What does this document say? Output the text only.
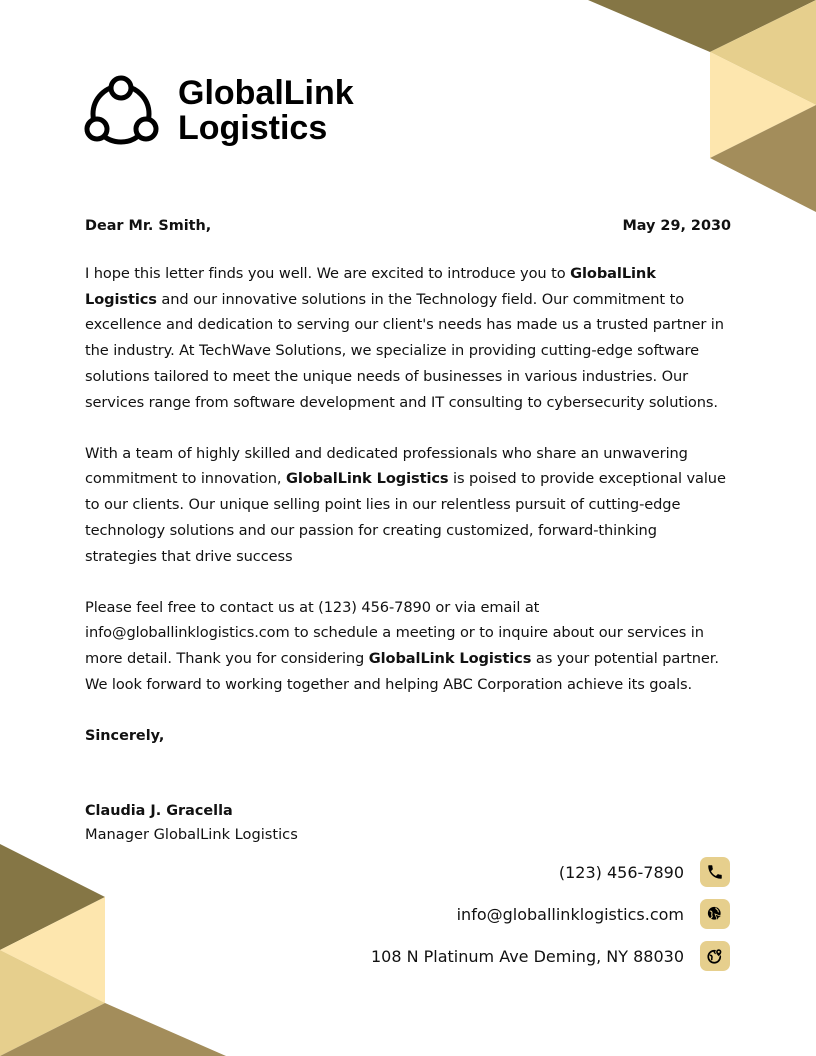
GlobalLink
Logistics
Dear Mr. Smith,	May 29, 2030

I hope this letter finds you well. We are excited to introduce you to GlobalLink Logistics and our innovative solutions in the Technology field. Our commitment to excellence and dedication to serving our client's needs has made us a trusted partner in the industry. At TechWave Solutions, we specialize in providing cutting-edge software solutions tailored to meet the unique needs of businesses in various industries. Our services range from software development and IT consulting to cybersecurity solutions.

With a team of highly skilled and dedicated professionals who share an unwavering commitment to innovation, GlobalLink Logistics is poised to provide exceptional value to our clients. Our unique selling point lies in our relentless pursuit of cutting-edge technology solutions and our passion for creating customized, forward-thinking strategies that drive success

Please feel free to contact us at (123) 456-7890 or via email at info@globallinklogistics.com to schedule a meeting or to inquire about our services in more detail. Thank you for considering GlobalLink Logistics as your potential partner. We look forward to working together and helping ABC Corporation achieve its goals.

Sincerely,
Claudia J. Gracella
Manager GlobalLink Logistics
(123) 456-7890
info@globallinklogistics.com
108 N Platinum Ave Deming, NY 88030
